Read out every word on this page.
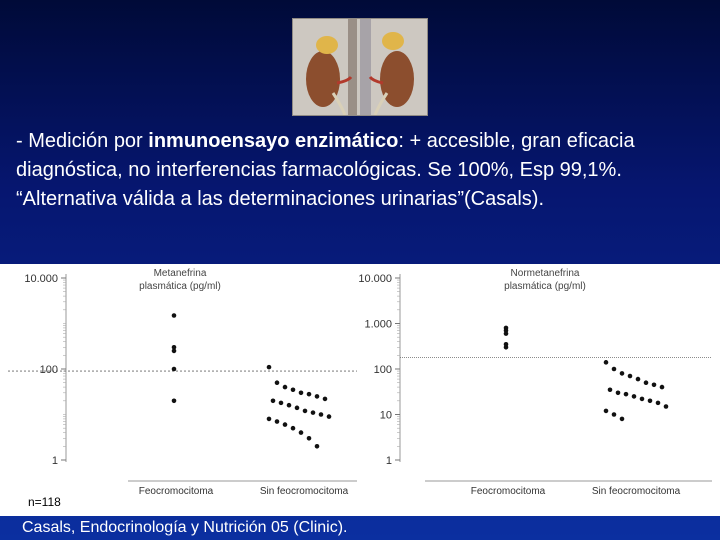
- Medición por inmunoensayo enzimático: + accesible, gran eficacia diagnóstica, no interferencias farmacológicas. Se 100%, Esp 99,1%. “Alternativa válida a las determinaciones urinarias”(Casals).

n=118
Metanefrina
plasmática (pg/ml)
10.000
100
1
Feocromocitoma	Sin feocromocitoma
Normetanefrina
plasmática (pg/ml)
10.000
1.000
100
10
1
Feocromocitoma	Sin feocromocitoma
Casals, Endocrinología y Nutrición 05 (Clinic).
